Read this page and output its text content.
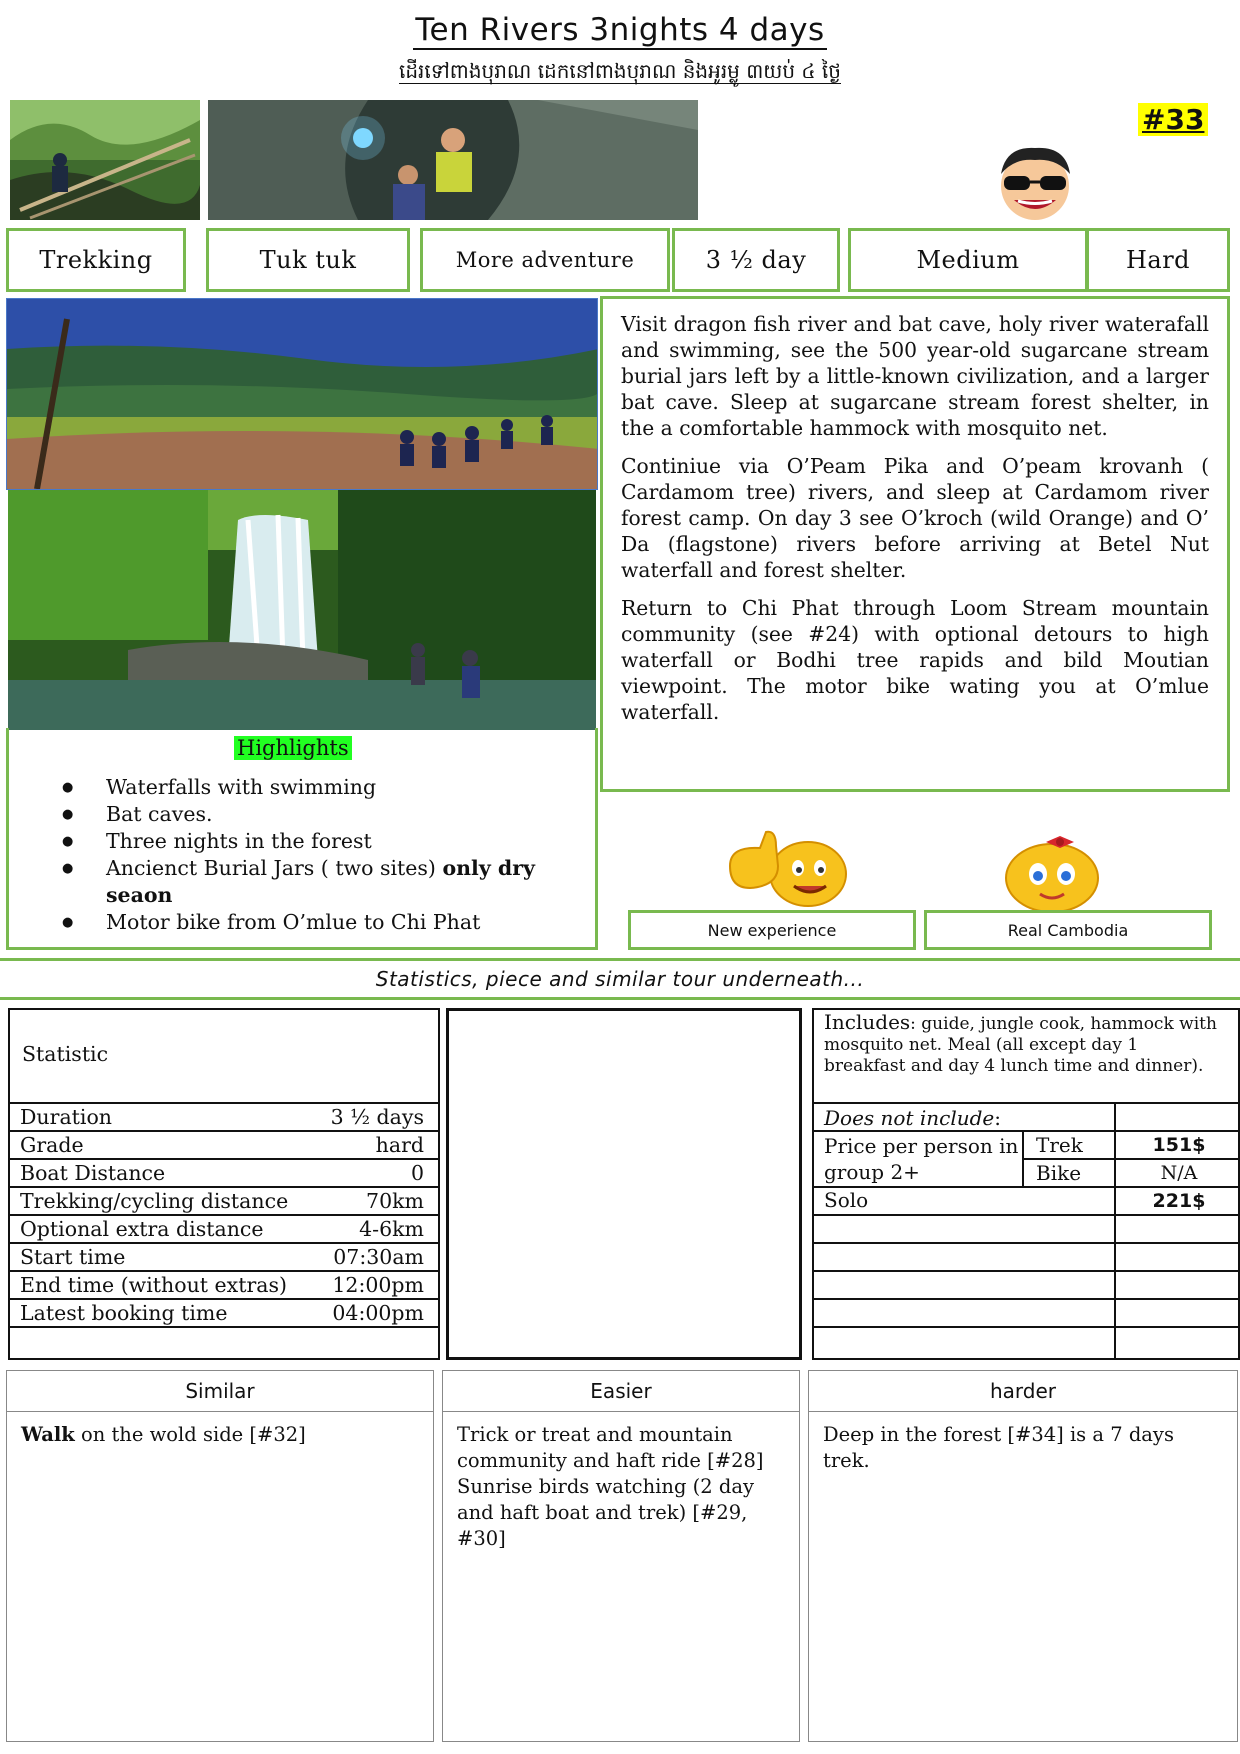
Ten Rivers 3nights 4 days
ដើរទៅពាងបុរាណ ដេកនៅពាងបុរាណ និងអូរម្លូ ៣យប់ ៤ ថ្ងៃ
#33
Trekking	Tuk tuk	More adventure	3 ½ day	Medium	Hard

Visit dragon fish river and bat cave, holy river waterafall and swimming, see the 500 year-old sugarcane stream burial jars left by a little-known civilization, and a larger bat cave. Sleep at sugarcane stream forest shelter, in the a comfortable hammock with mosquito net.

Continiue via O’Peam Pika and O’peam krovanh ( Cardamom tree) rivers, and sleep at Cardamom river forest camp. On day 3 see O’kroch (wild Orange) and O’ Da (flagstone) rivers before arriving at Betel Nut waterfall and forest shelter.

Return to Chi Phat through Loom Stream mountain community (see #24) with optional detours to high waterfall or Bodhi tree rapids and bild Moutian viewpoint. The motor bike wating you at O’mlue waterfall.

Highlights
● Waterfalls with swimming
● Bat caves.
● Three nights in the forest
● Ancienct Burial Jars ( two sites) only dry seaon
● Motor bike from O’mlue to Chi Phat	New experience	Real Cambodia
Statistics, piece and similar tour underneath...
Statistic
Duration	3 ½ days
Grade	hard
Boat Distance	0
Trekking/cycling distance	70km
Optional extra distance	4-6km
Start time	07:30am
End time (without extras) 12:00pm
Latest booking time	04:00pm
Includes: guide, jungle cook, hammock with mosquito net. Meal (all except day 1 breakfast and day 4 lunch time and dinner).
Does not include:
Price per person in group 2+
Trek	151$
Bike	N/A
Solo	221$
Similar
Walk on the wold side [#32]
Easier
Trick or treat and mountain community and haft ride [#28]
Sunrise birds watching (2 day and haft boat and trek) [#29, #30]
harder
Deep in the forest [#34] is a 7 days trek.
